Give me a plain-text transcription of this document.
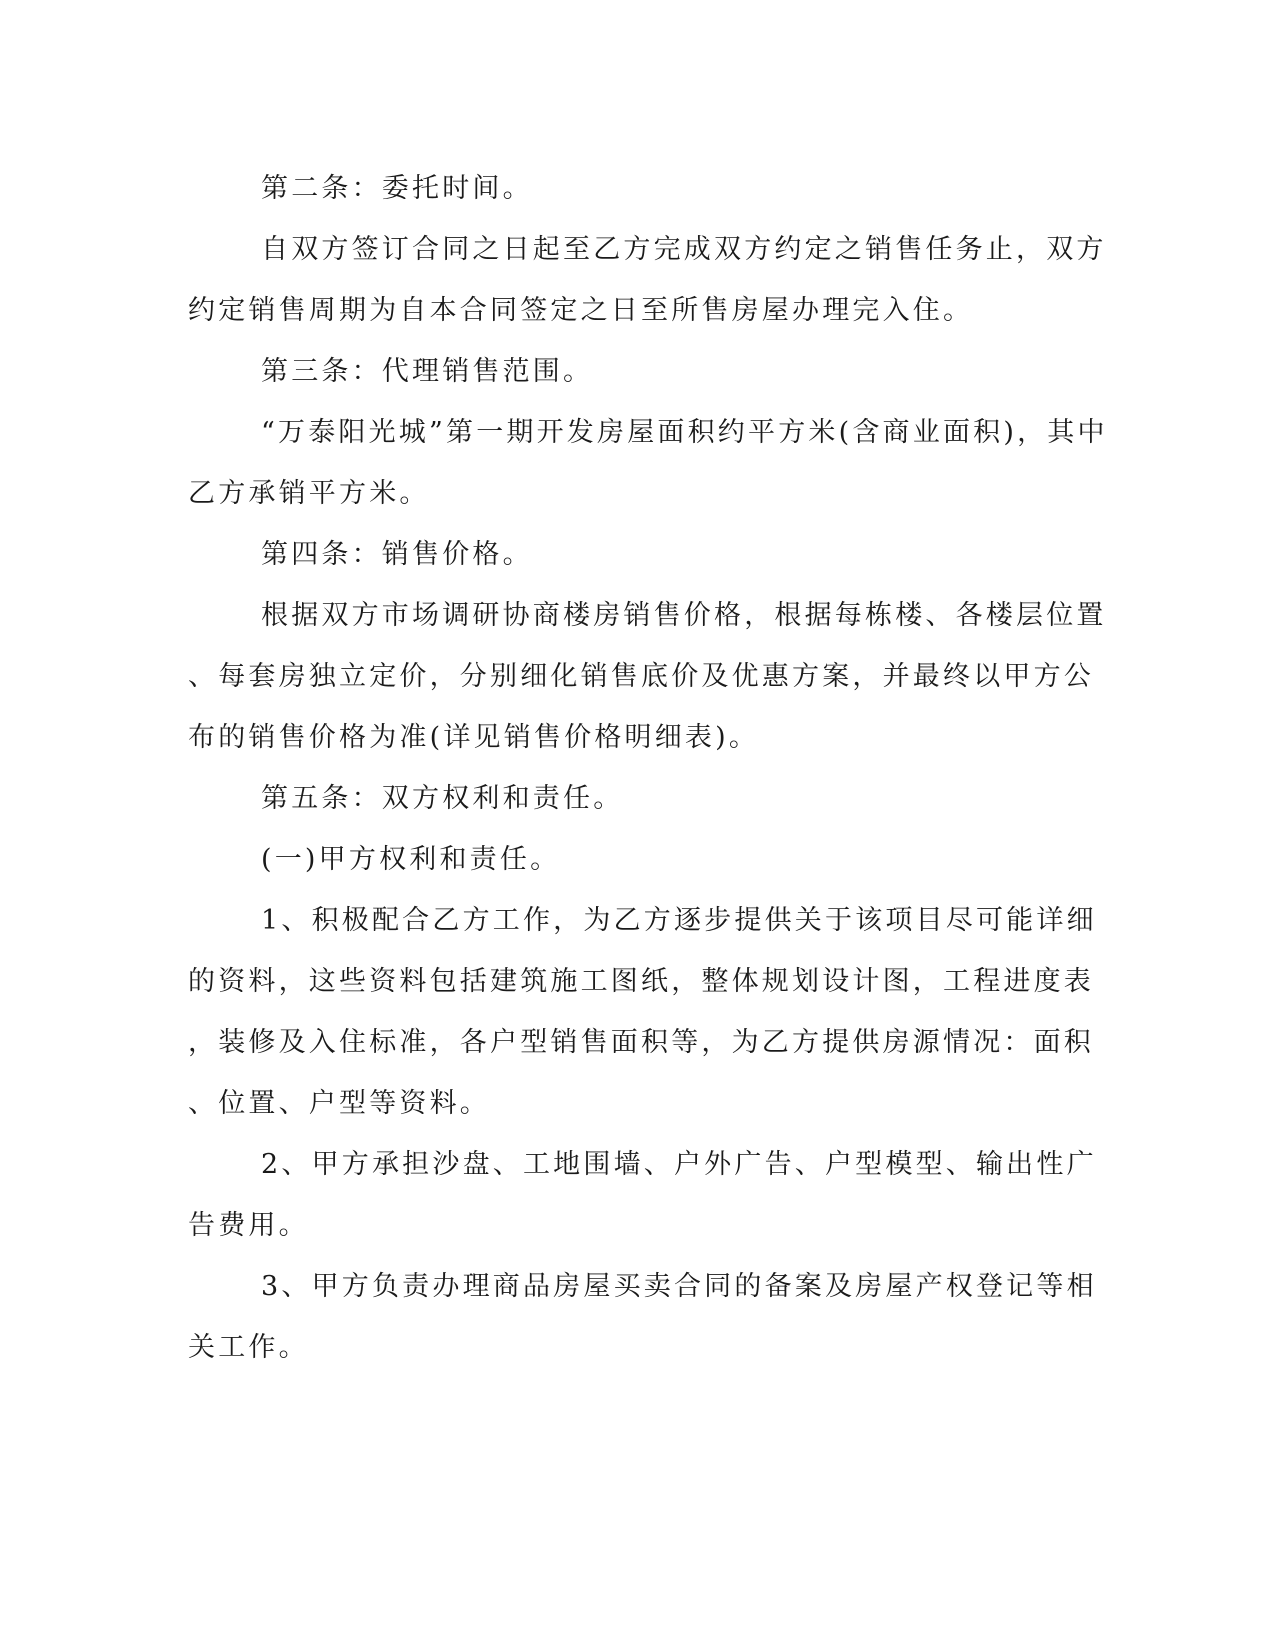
第二条：委托时间。
自双方签订合同之日起至乙方完成双方约定之销售任务止，双方
约定销售周期为自本合同签定之日至所售房屋办理完入住。
第三条：代理销售范围。
“万泰阳光城”第一期开发房屋面积约平方米(含商业面积)，其中
乙方承销平方米。
第四条：销售价格。
根据双方市场调研协商楼房销售价格，根据每栋楼、各楼层位置
、每套房独立定价，分别细化销售底价及优惠方案，并最终以甲方公
布的销售价格为准(详见销售价格明细表)。
第五条：双方权利和责任。
(一)甲方权利和责任。
1、积极配合乙方工作，为乙方逐步提供关于该项目尽可能详细
的资料，这些资料包括建筑施工图纸，整体规划设计图，工程进度表
，装修及入住标准，各户型销售面积等，为乙方提供房源情况：面积
、位置、户型等资料。
2、甲方承担沙盘、工地围墙、户外广告、户型模型、输出性广
告费用。
3、甲方负责办理商品房屋买卖合同的备案及房屋产权登记等相
关工作。
